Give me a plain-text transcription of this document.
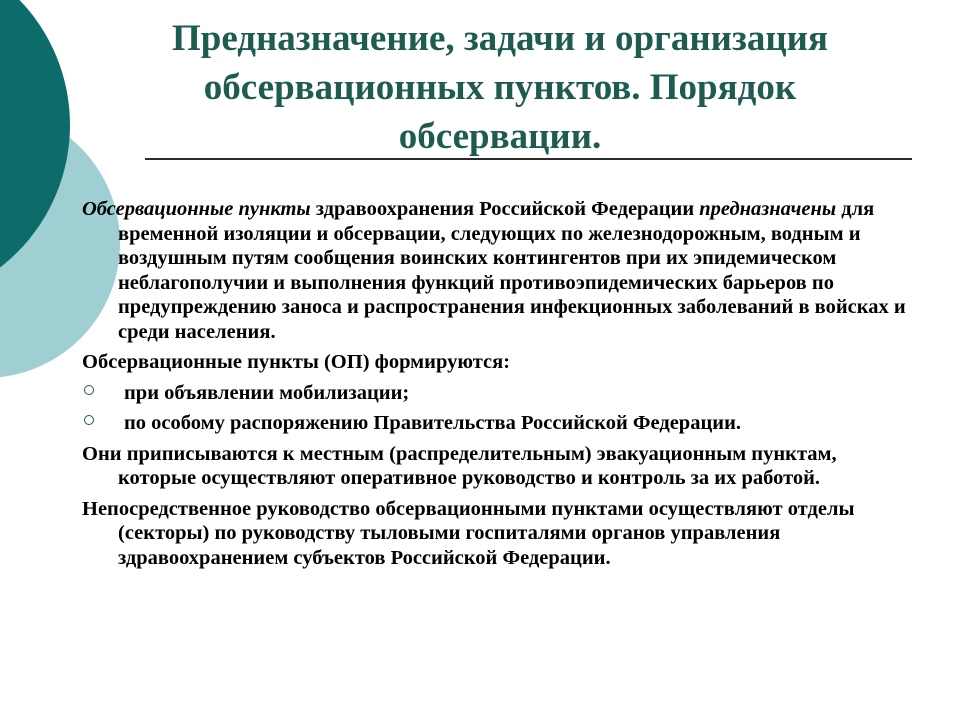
Предназначение, задачи и организация обсервационных пунктов. Порядок обсервации.

Обсервационные пункты здравоохранения Российской Федерации предназначены для временной изоляции и обсервации, следующих по железнодорожным, водным и воздушным путям сообщения воинских контингентов при их эпидемическом неблагополучии и выполнения функций противоэпидемических барьеров по предупреждению заноса и распространения инфекционных заболеваний в войсках и среди населения.

Обсервационные пункты (ОП) формируются:

при объявлении мобилизации;
по особому распоряжению Правительства Российской Федерации.

Они приписываются к местным (распределительным) эвакуационным пунктам, которые осуществляют оперативное руководство и контроль за их работой.

Непосредственное руководство обсервационными пунктами осуществляют отделы (секторы) по руководству тыловыми госпиталями органов управления здравоохранением субъектов Российской Федерации.
